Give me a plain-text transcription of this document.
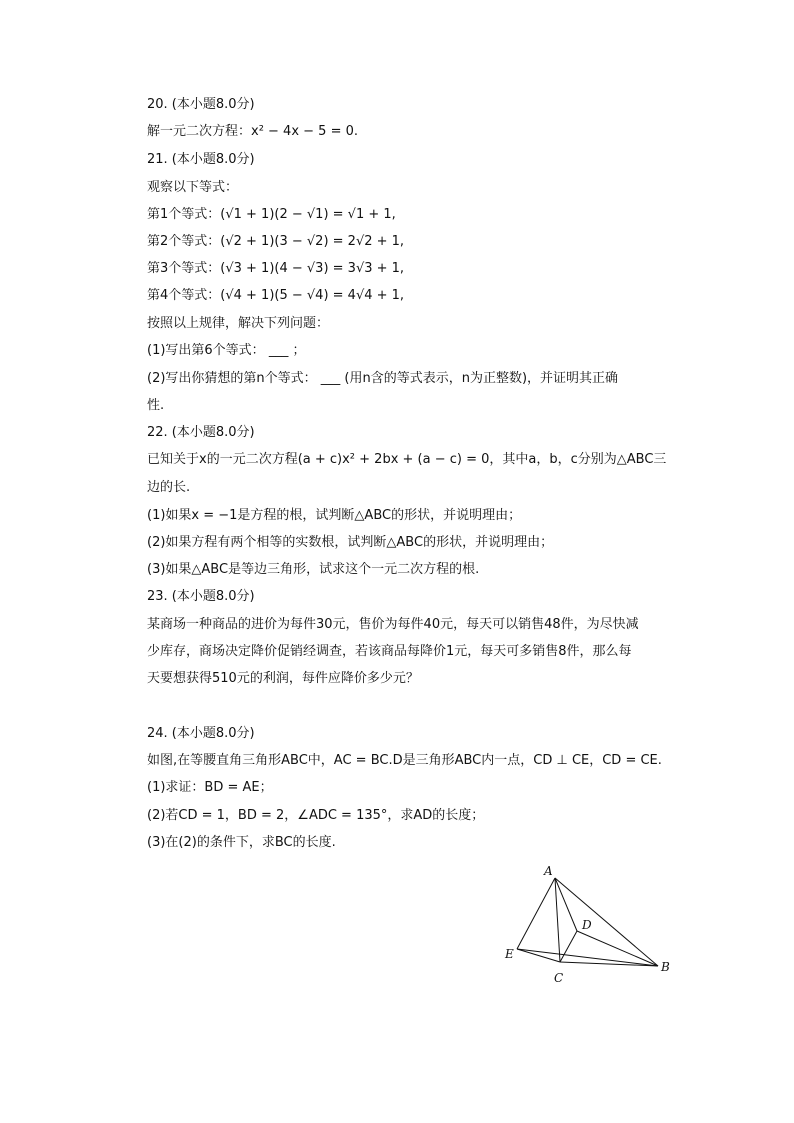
20. (本小题8.0分)
解一元二次方程：x² − 4x − 5 = 0.
21. (本小题8.0分)
观察以下等式：
第1个等式：(√1 + 1)(2 − √1) = √1 + 1,
第2个等式：(√2 + 1)(3 − √2) = 2√2 + 1,
第3个等式：(√3 + 1)(4 − √3) = 3√3 + 1,
第4个等式：(√4 + 1)(5 − √4) = 4√4 + 1,
按照以上规律，解决下列问题：
(1)写出第6个等式： ___ ；
(2)写出你猜想的第n个等式： ___ (用n含的等式表示，n为正整数)，并证明其正确
性.
22. (本小题8.0分)
已知关于x的一元二次方程(a + c)x² + 2bx + (a − c) = 0，其中a，b，c分别为△ABC三
边的长.
(1)如果x = −1是方程的根，试判断△ABC的形状，并说明理由；
(2)如果方程有两个相等的实数根，试判断△ABC的形状，并说明理由；
(3)如果△ABC是等边三角形，试求这个一元二次方程的根.
23. (本小题8.0分)
某商场一种商品的进价为每件30元，售价为每件40元，每天可以销售48件，为尽快减
少库存，商场决定降价促销经调查，若该商品每降价1元，每天可多销售8件，那么每
天要想获得510元的利润，每件应降价多少元？
24. (本小题8.0分)
如图,在等腰直角三角形ABC中，AC = BC.D是三角形ABC内一点，CD ⊥ CE，CD = CE.
(1)求证：BD = AE；
(2)若CD = 1，BD = 2，∠ADC = 135°，求AD的长度；
(3)在(2)的条件下，求BC的长度.
A
D
E
C
B
